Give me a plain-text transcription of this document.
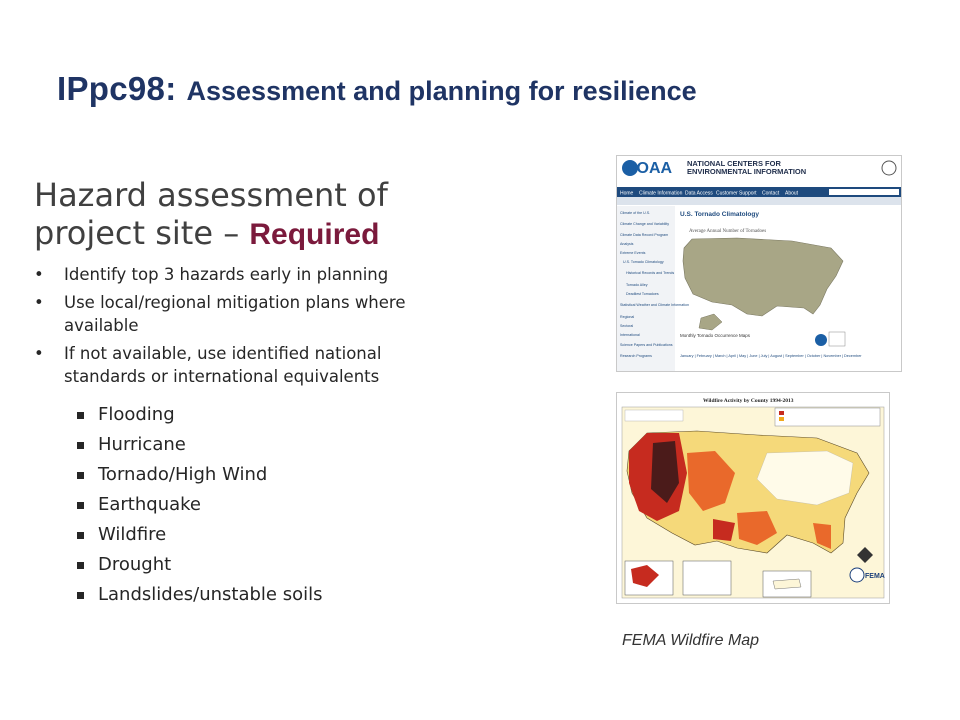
IPpc98: Assessment and planning for resilience
Hazard assessment of project site – Required
• Identify top 3 hazards early in planning
• Use local/regional mitigation plans where available
• If not available, use identified national standards or international equivalents
Flooding
Hurricane
Tornado/High Wind
Earthquake
Wildfire
Drought
Landslides/unstable soils
NOAA NATIONAL CENTERS FOR
ENVIRONMENTAL INFORMATION
Home Climate Information Data Access Customer Support Contact About
Climate of the U.S.
Climate Change and Variability
Climate Data Record Program
Analysis
Extreme Events
U.S. Tornado Climatology
Historical Records and Trends
Tornado Alley
Deadliest Tornadoes
Statistical Weather and Climate Information
Regional
Sectoral
International
Science Papers and Publications
Research Programs
U.S. Tornado Climatology
Average Annual Number of Tornadoes
Monthly Tornado Occurrence Maps
January | February | March | April | May | June | July | August | September | October | November | December
Wildfire Activity by County 1994-2013
FEMA
FEMA Wildfire Map
